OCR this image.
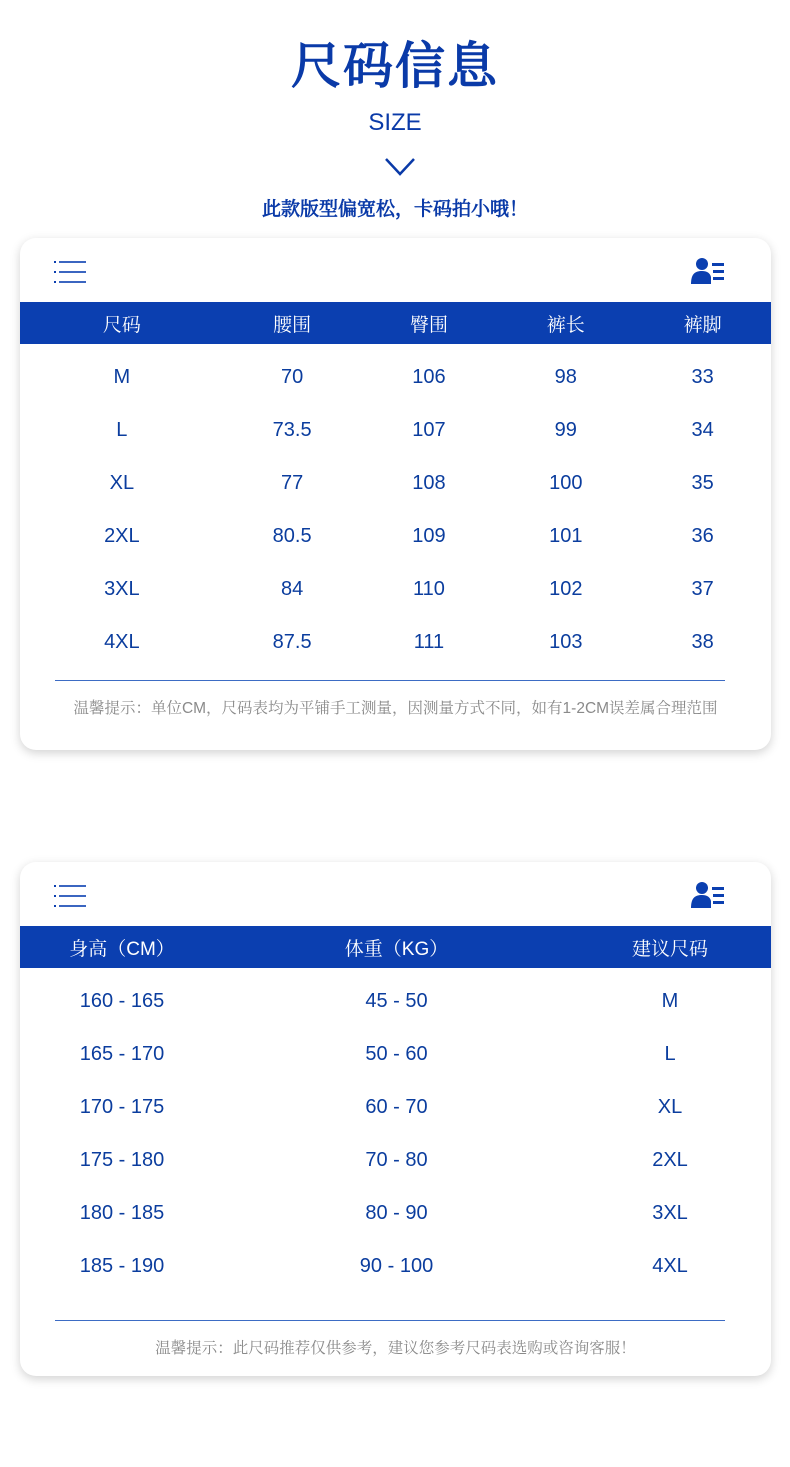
尺码信息
SIZE
此款版型偏宽松，卡码拍小哦！
尺码	腰围	臀围	裤长	裤脚
M	70	106	98	33
L	73.5	107	99	34
XL	77	108	100	35
2XL	80.5	109	101	36
3XL	84	110	102	37
4XL	87.5	111	103	38
温馨提示：单位CM，尺码表均为平铺手工测量，因测量方式不同，如有1-2CM误差属合理范围
身高（CM）	体重（KG）	建议尺码
160 - 165	45 - 50	M
165 - 170	50 - 60	L
170 - 175	60 - 70	XL
175 - 180	70 - 80	2XL
180 - 185	80 - 90	3XL
185 - 190	90 - 100	4XL
温馨提示：此尺码推荐仅供参考，建议您参考尺码表选购或咨询客服！
